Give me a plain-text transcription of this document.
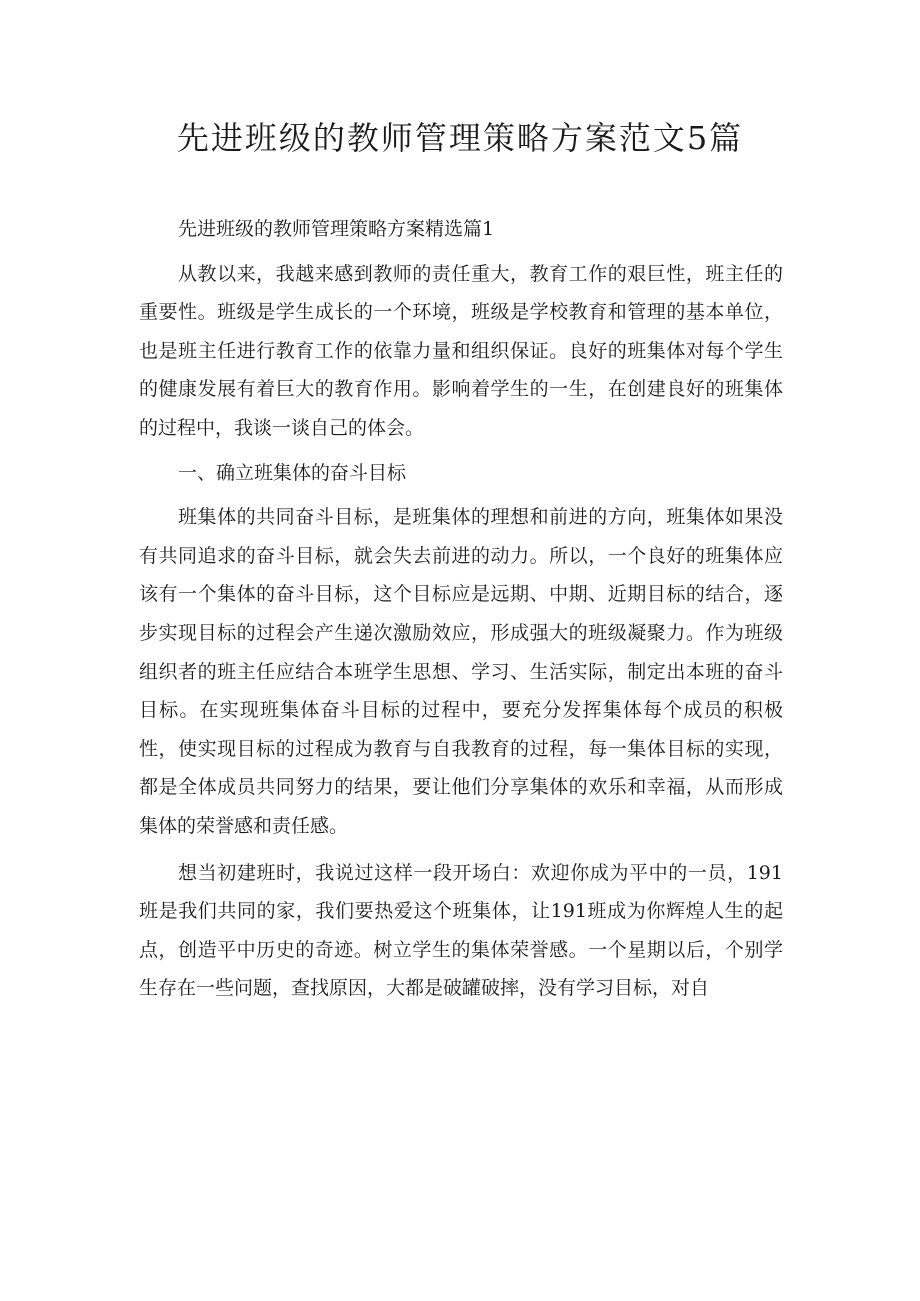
先进班级的教师管理策略方案范文5篇

先进班级的教师管理策略方案精选篇1

从教以来，我越来感到教师的责任重大，教育工作的艰巨性，班主任的重要性。班级是学生成长的一个环境，班级是学校教育和管理的基本单位，也是班主任进行教育工作的依靠力量和组织保证。良好的班集体对每个学生的健康发展有着巨大的教育作用。影响着学生的一生，在创建良好的班集体的过程中，我谈一谈自己的体会。

一、确立班集体的奋斗目标

班集体的共同奋斗目标，是班集体的理想和前进的方向，班集体如果没有共同追求的奋斗目标，就会失去前进的动力。所以，一个良好的班集体应该有一个集体的奋斗目标，这个目标应是远期、中期、近期目标的结合，逐步实现目标的过程会产生递次激励效应，形成强大的班级凝聚力。作为班级组织者的班主任应结合本班学生思想、学习、生活实际，制定出本班的奋斗目标。在实现班集体奋斗目标的过程中，要充分发挥集体每个成员的积极性，使实现目标的过程成为教育与自我教育的过程，每一集体目标的实现，都是全体成员共同努力的结果，要让他们分享集体的欢乐和幸福，从而形成集体的荣誉感和责任感。

想当初建班时，我说过这样一段开场白：欢迎你成为平中的一员，191班是我们共同的家，我们要热爱这个班集体，让191班成为你辉煌人生的起点，创造平中历史的奇迹。树立学生的集体荣誉感。一个星期以后，个别学生存在一些问题，查找原因，大都是破罐破摔，没有学习目标，对自
